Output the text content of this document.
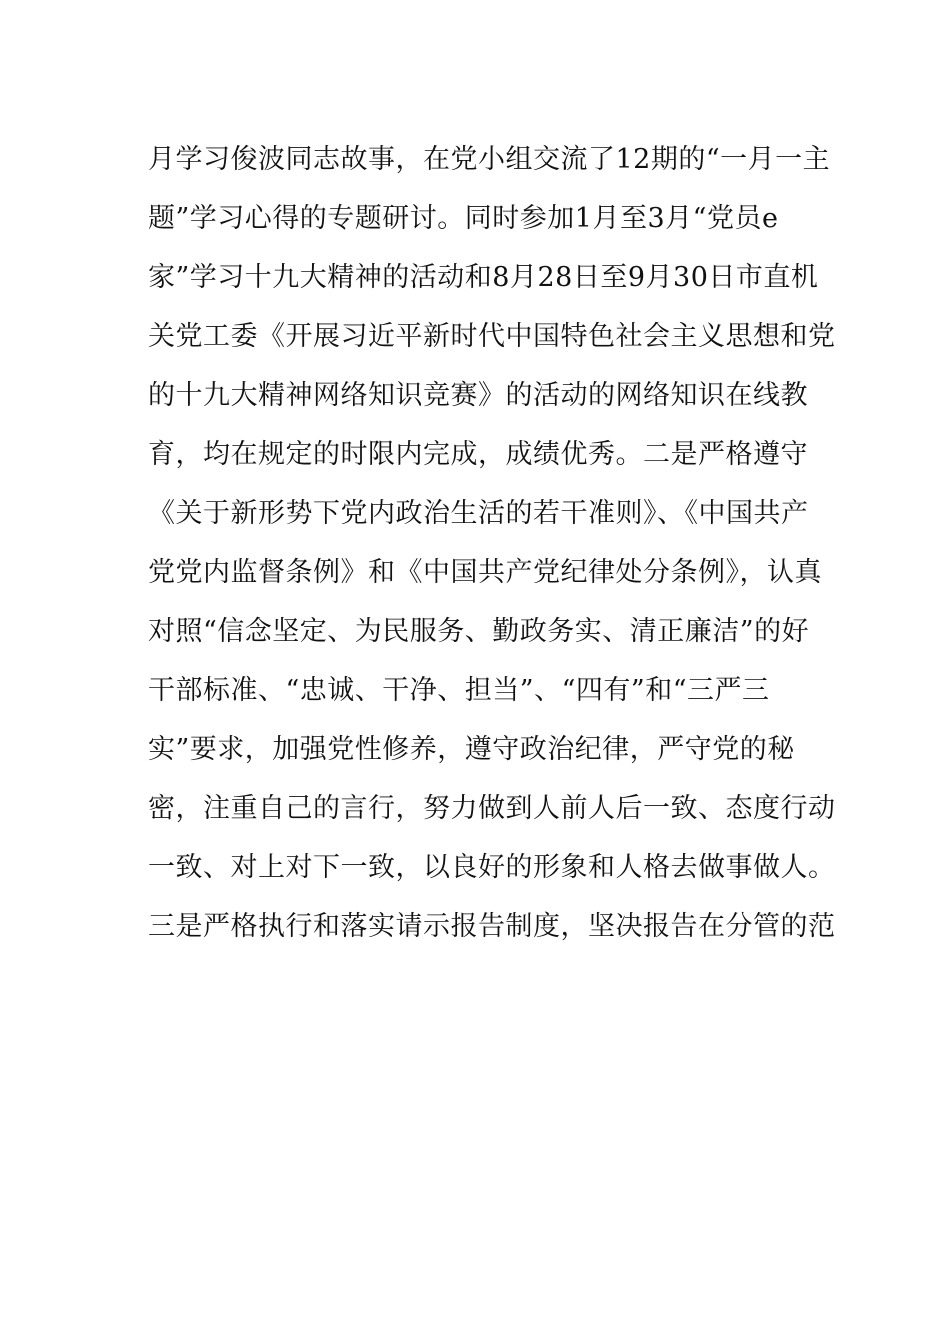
月学习俊波同志故事，在党小组交流了12期的“一月一主
题”学习心得的专题研讨。同时参加1月至3月“党员e
家”学习十九大精神的活动和8月28日至9月30日市直机
关党工委《开展习近平新时代中国特色社会主义思想和党
的十九大精神网络知识竞赛》的活动的网络知识在线教
育，均在规定的时限内完成，成绩优秀。二是严格遵守
《关于新形势下党内政治生活的若干准则》、《中国共产
党党内监督条例》和《中国共产党纪律处分条例》，认真
对照“信念坚定、为民服务、勤政务实、清正廉洁”的好
干部标准、“忠诚、干净、担当”、“四有”和“三严三
实”要求，加强党性修养，遵守政治纪律，严守党的秘
密，注重自己的言行，努力做到人前人后一致、态度行动
一致、对上对下一致，以良好的形象和人格去做事做人。
三是严格执行和落实请示报告制度，坚决报告在分管的范
